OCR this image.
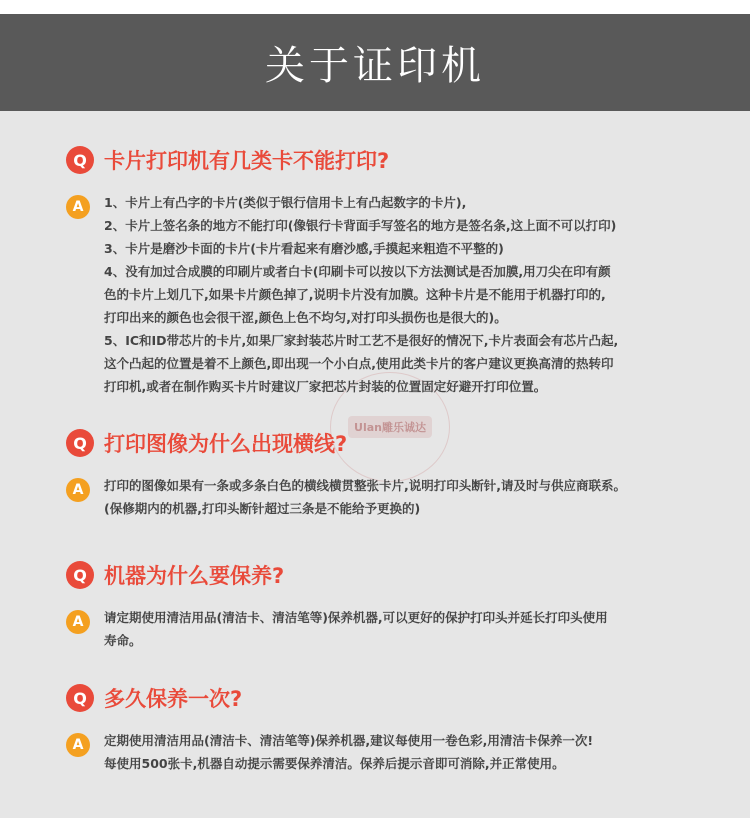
关于证印机
Ulan雕乐诚达
Q 卡片打印机有几类卡不能打印?
A	1、卡片上有凸字的卡片(类似于银行信用卡上有凸起数字的卡片),
2、卡片上签名条的地方不能打印(像银行卡背面手写签名的地方是签名条,这上面不可以打印)
3、卡片是磨沙卡面的卡片(卡片看起来有磨沙感,手摸起来粗造不平整的)
4、没有加过合成膜的印刷片或者白卡(印刷卡可以按以下方法测试是否加膜,用刀尖在印有颜
色的卡片上划几下,如果卡片颜色掉了,说明卡片没有加膜。这种卡片是不能用于机器打印的,
打印出来的颜色也会很干涩,颜色上色不均匀,对打印头损伤也是很大的)。
5、IC和ID带芯片的卡片,如果厂家封装芯片时工艺不是很好的情况下,卡片表面会有芯片凸起,
这个凸起的位置是着不上颜色,即出现一个小白点,使用此类卡片的客户建议更换高清的热转印
打印机,或者在制作购买卡片时建议厂家把芯片封装的位置固定好避开打印位置。
Q 打印图像为什么出现横线?
A	打印的图像如果有一条或多条白色的横线横贯整张卡片,说明打印头断针,请及时与供应商联系。
(保修期内的机器,打印头断针超过三条是不能给予更换的)
Q 机器为什么要保养?
A	请定期使用清洁用品(清洁卡、清洁笔等)保养机器,可以更好的保护打印头并延长打印头使用
寿命。
Q 多久保养一次?
A	定期使用清洁用品(清洁卡、清洁笔等)保养机器,建议每使用一卷色彩,用清洁卡保养一次!
每使用500张卡,机器自动提示需要保养清洁。保养后提示音即可消除,并正常使用。
